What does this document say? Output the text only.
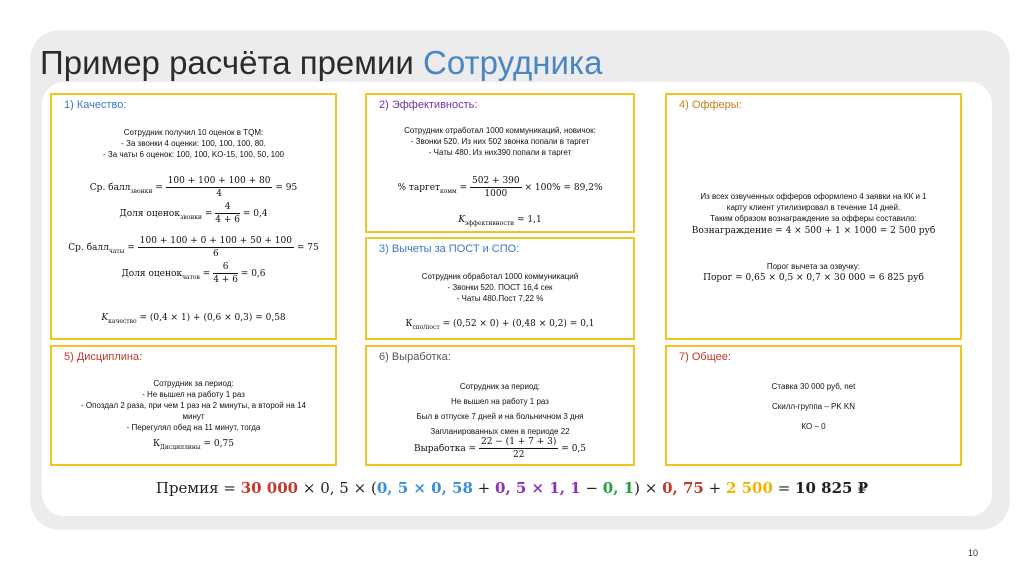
Пример расчёта премии Сотрудника
1) Качество:
Сотрудник получил 10 оценок в TQM:
- За звонки 4 оценки: 100, 100, 100, 80.
- За чаты 6 оценок: 100, 100, KO-15, 100, 50, 100
Ср. балл$_{звонки}$ = $\frac{100 + 100 + 100 + 80}{4} = 95$
Доля оценок$_{звонки}$ = $\frac{4}{4 + 6} = 0,4$
Ср. балл$_{чаты}$ = $\frac{100 + 100 + 0 + 100 + 50 + 100}{6} = 75$
Доля оценок$_{чатов}$ = $\frac{6}{4 + 6} = 0,6$
$K_{качество} = (0,4 \times 1) + (0,6 \times 0,3) = 0,58$
2) Эффективность:
Сотрудник отработал 1000 коммуникаций, новичок:
- Звонки 520. Из них 502 звонка попали в таргет
- Чаты 480. Из них390 попали в таргет
% таргет$_{комм}$ = $\frac{502 + 390}{1000} \times 100\% = 89,2\%$
$K_{эффективности} = 1,1$
3) Вычеты за ПОСТ и СПО:
Сотрудник обработал 1000 коммуникаций
- Звонки 520. ПОСТ 16,4 сек
- Чаты 480.Пост 7,22 %
$К_{спо/пост} = (0,52 \times 0) + (0,48 \times 0,2) = 0,1$
4) Офферы:
Из всех озвученных офферов оформлено 4 заявки на КК и 1
карту клиент утилизировал в течение 14 дней.
Таким образом вознаграждение за офферы составило:
Вознаграждение = 4 × 500 + 1 × 1000 = 2 500 руб
Порог вычета за озвучку:
Порог = 0,65 × 0,5 × 0,7 × 30 000 = 6 825 руб
5) Дисциплина:
Сотрудник за период:
- Не вышел на работу 1 раз
- Опоздал 2 раза, при чем 1 раз на 2 минуты, а второй на 14
минут
- Перегулял обед на 11 минут, тогда
$К_{Дисциплины} = 0,75$
6) Выработка:
Сотрудник за период:
Не вышел на работу 1 раз
Был в отпуске 7 дней и на больничном 3 дня
Запланированных смен в периоде 22
Выработка = $\frac{22 - (1 + 7 + 3)}{22} = 0,5$
7) Общее:
Ставка 30 000 руб, net
Скилл-группа – PK KN
КО – 0
Премия = 30 000 × 0, 5 × (0, 5 × 0, 58 + 0, 5 × 1, 1 − 0, 1) × 0, 75 + 2 500 = 10 825 ₽
10
